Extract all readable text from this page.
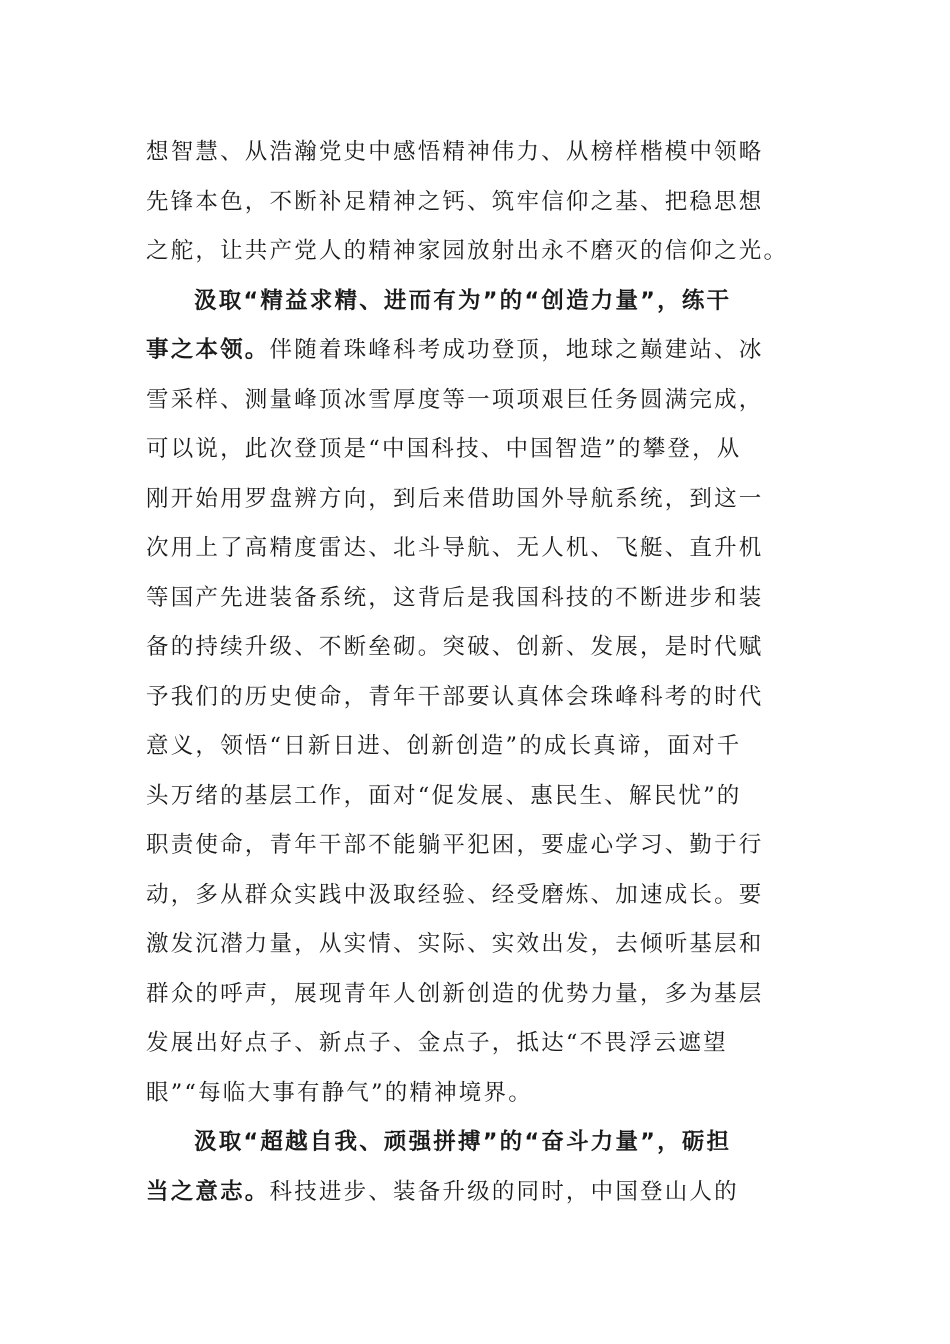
想智慧、从浩瀚党史中感悟精神伟力、从榜样楷模中领略
先锋本色，不断补足精神之钙、筑牢信仰之基、把稳思想
之舵，让共产党人的精神家园放射出永不磨灭的信仰之光。
汲取“精益求精、进而有为”的“创造力量”，练干
事之本领。伴随着珠峰科考成功登顶，地球之巅建站、冰
雪采样、测量峰顶冰雪厚度等一项项艰巨任务圆满完成，
可以说，此次登顶是“中国科技、中国智造”的攀登，从
刚开始用罗盘辨方向，到后来借助国外导航系统，到这一
次用上了高精度雷达、北斗导航、无人机、飞艇、直升机
等国产先进装备系统，这背后是我国科技的不断进步和装
备的持续升级、不断垒砌。突破、创新、发展，是时代赋
予我们的历史使命，青年干部要认真体会珠峰科考的时代
意义，领悟“日新日进、创新创造”的成长真谛，面对千
头万绪的基层工作，面对“促发展、惠民生、解民忧”的
职责使命，青年干部不能躺平犯困，要虚心学习、勤于行
动，多从群众实践中汲取经验、经受磨炼、加速成长。要
激发沉潜力量，从实情、实际、实效出发，去倾听基层和
群众的呼声，展现青年人创新创造的优势力量，多为基层
发展出好点子、新点子、金点子，抵达“不畏浮云遮望
眼”“每临大事有静气”的精神境界。
汲取“超越自我、顽强拼搏”的“奋斗力量”，砺担
当之意志。科技进步、装备升级的同时，中国登山人的
